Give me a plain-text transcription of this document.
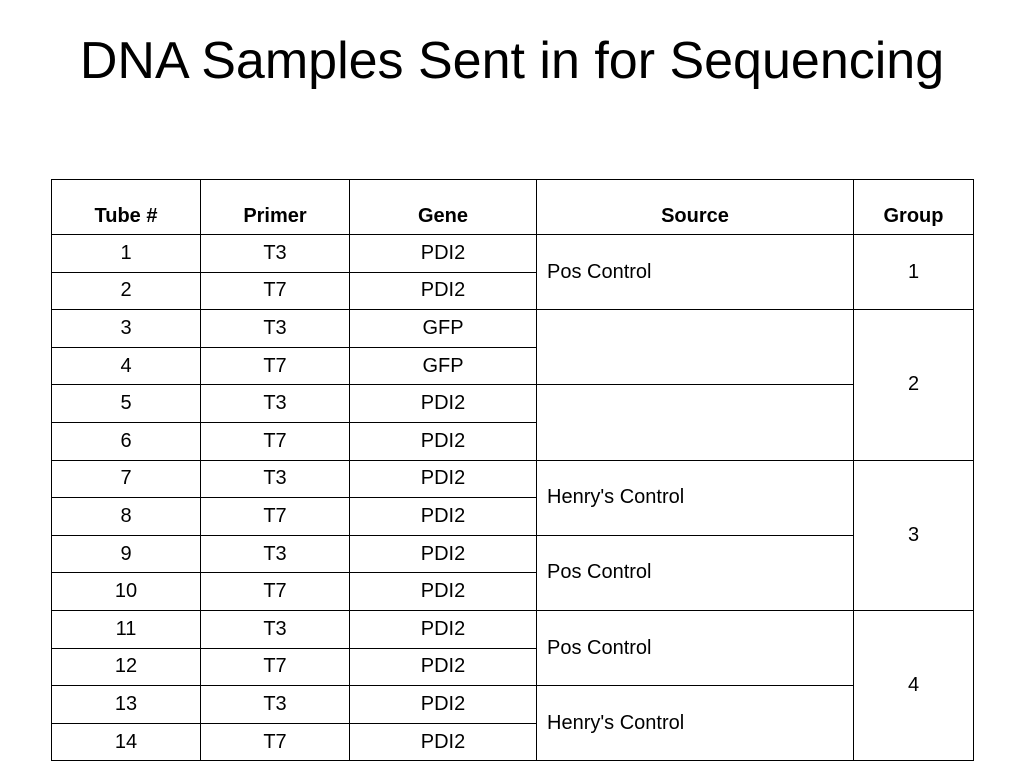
DNA Samples Sent in for Sequencing
Tube #	Primer	Gene	Source	Group
1	T3	PDI2	Pos Control	1
2	T7	PDI2		
3	T3	GFP		2
4	T7	GFP		
5	T3	PDI2		
6	T7	PDI2		
7	T3	PDI2	Henry's Control	3
8	T7	PDI2		
9	T3	PDI2	Pos Control	
10	T7	PDI2		
11	T3	PDI2	Pos Control	4
12	T7	PDI2		
13	T3	PDI2	Henry's Control	
14	T7	PDI2		
